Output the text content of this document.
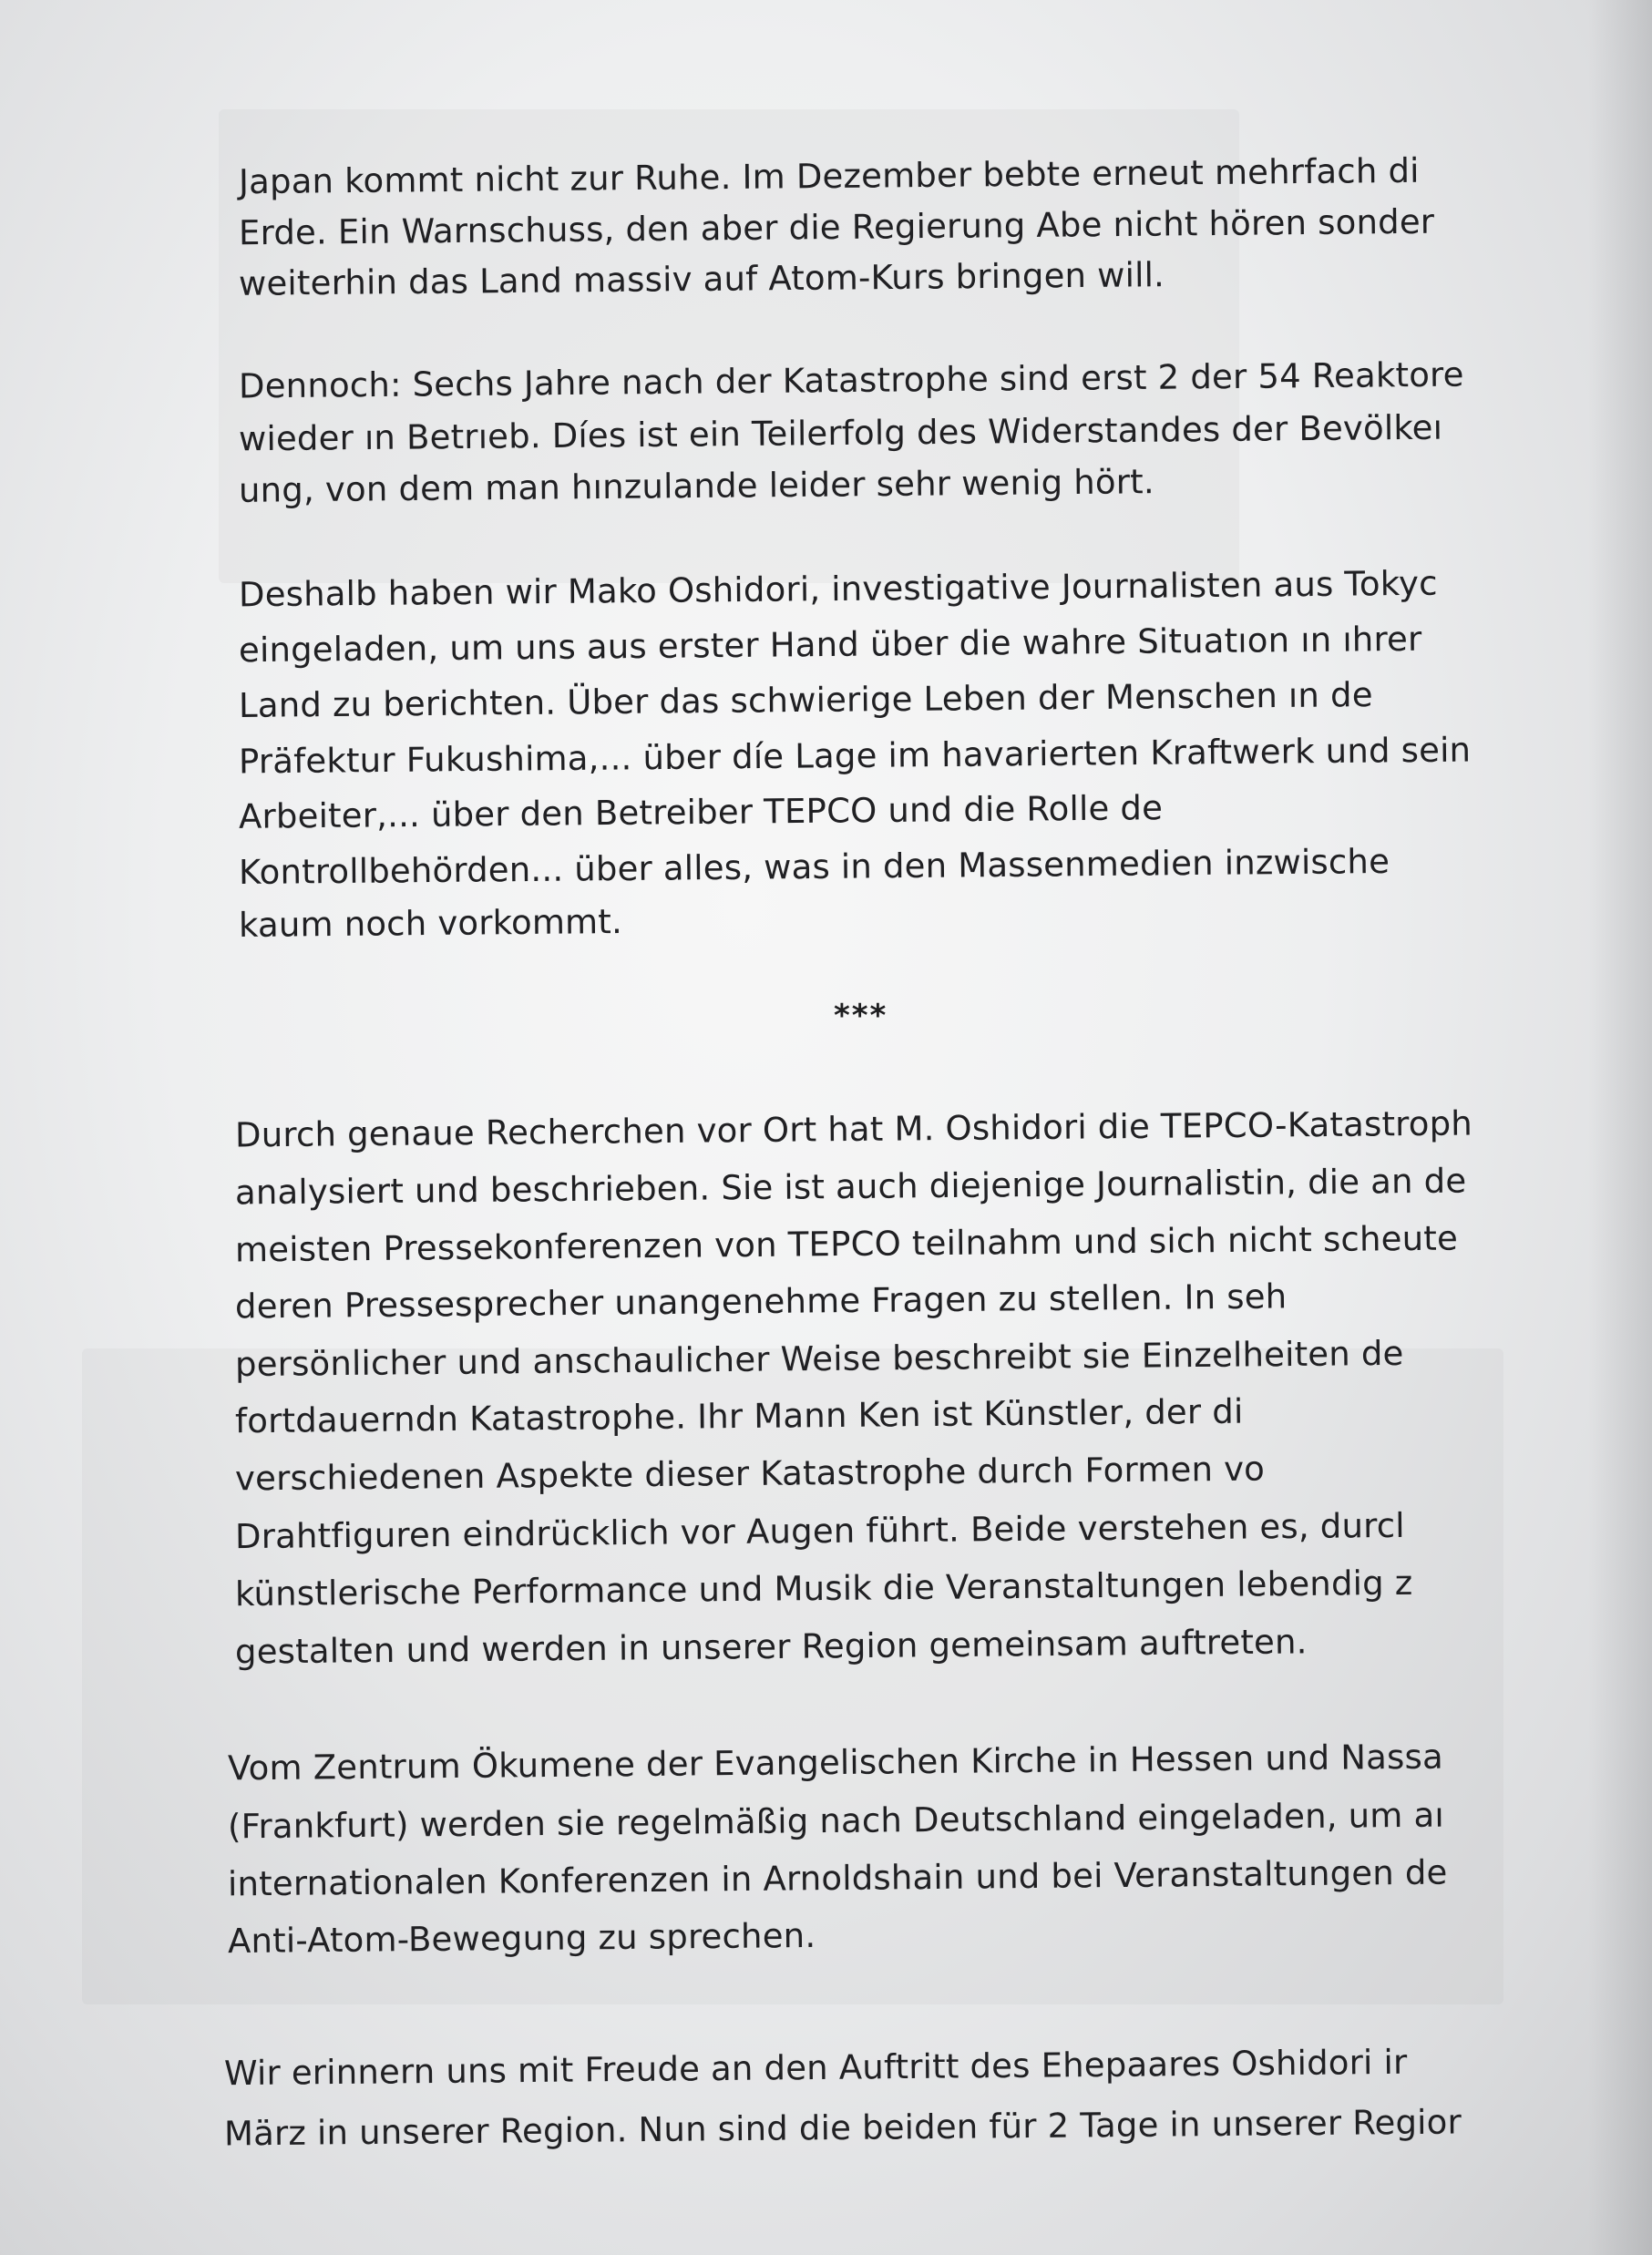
Japan kommt nicht zur Ruhe. Im Dezember bebte erneut mehrfach di
Erde. Ein Warnschuss, den aber die Regierung Abe nicht hören sonder
weiterhin das Land massiv auf Atom-Kurs bringen will.
Dennoch: Sechs Jahre nach der Katastrophe sind erst 2 der 54 Reaktore
wieder ın Betrıeb. Díes ist ein Teilerfolg des Widerstandes der Bevölkeı
ung, von dem man hınzulande leider sehr wenig hört.
Deshalb haben wir Mako Oshidori, investigative Journalisten aus Tokyc
eingeladen, um uns aus erster Hand über die wahre Situatıon ın ıhrer
Land zu berichten. Über das schwierige Leben der Menschen ın de
Präfektur Fukushima,... über díe Lage im havarierten Kraftwerk und sein
Arbeiter,... über den Betreiber TEPCO und die Rolle de
Kontrollbehörden... über alles, was in den Massenmedien inzwische
kaum noch vorkommt.
***
Durch genaue Recherchen vor Ort hat M. Oshidori die TEPCO-Katastroph
analysiert und beschrieben. Sie ist auch diejenige Journalistin, die an de
meisten Pressekonferenzen von TEPCO teilnahm und sich nicht scheute
deren Pressesprecher unangenehme Fragen zu stellen. In seh
persönlicher und anschaulicher Weise beschreibt sie Einzelheiten de
fortdauerndn Katastrophe. Ihr Mann Ken ist Künstler, der di
verschiedenen Aspekte dieser Katastrophe durch Formen vo
Drahtfiguren eindrücklich vor Augen führt. Beide verstehen es, durcl
künstlerische Performance und Musik die Veranstaltungen lebendig z
gestalten und werden in unserer Region gemeinsam auftreten.
Vom Zentrum Ökumene der Evangelischen Kirche in Hessen und Nassa
(Frankfurt) werden sie regelmäßig nach Deutschland eingeladen, um aı
internationalen Konferenzen in Arnoldshain und bei Veranstaltungen de
Anti-Atom-Bewegung zu sprechen.
Wir erinnern uns mit Freude an den Auftritt des Ehepaares Oshidori ir
März in unserer Region. Nun sind die beiden für 2 Tage in unserer Regior
